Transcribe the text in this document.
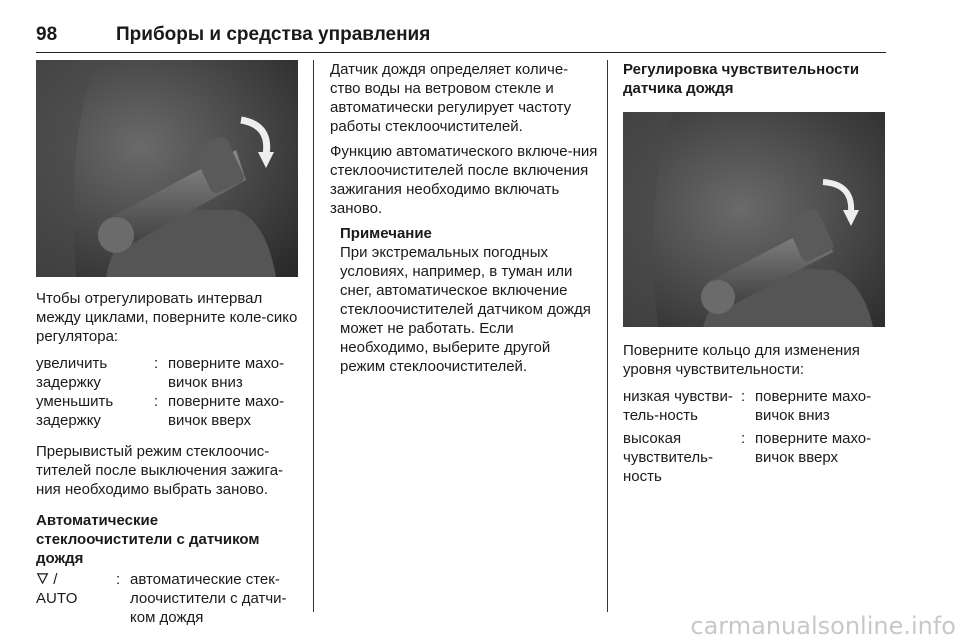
98	Приборы и средства управления

Чтобы отрегулировать интервал между циклами, поверните коле-сико регулятора:

увеличить задержку
: поверните махо-вичок вниз
уменьшить задержку
: поверните махо-вичок вверх

Прерывистый режим стеклоочис-тителей после выключения зажига-ния необходимо выбрать заново.

Автоматические стеклоочистители с датчиком дождя

🜄 /
AUTO
: автоматические стек-лоочистители с датчи-ком дождя

Датчик дождя определяет количе-ство воды на ветровом стекле и автоматически регулирует частоту работы стеклоочистителей.

Функцию автоматического включе-ния стеклоочистителей после включения зажигания необходимо включать заново.

Примечание

При экстремальных погодных условиях, например, в туман или снег, автоматическое включение стеклоочистителей датчиком дождя может не работать. Если необходимо, выберите другой режим стеклоочистителей.

Регулировка чувствительности датчика дождя

Поверните кольцо для изменения уровня чувствительности:

низкая чувствитель-ность
: поверните махо-вичок вниз
высокая чувствитель-ность
: поверните махо-вичок вверх
carmanualsonline.info
